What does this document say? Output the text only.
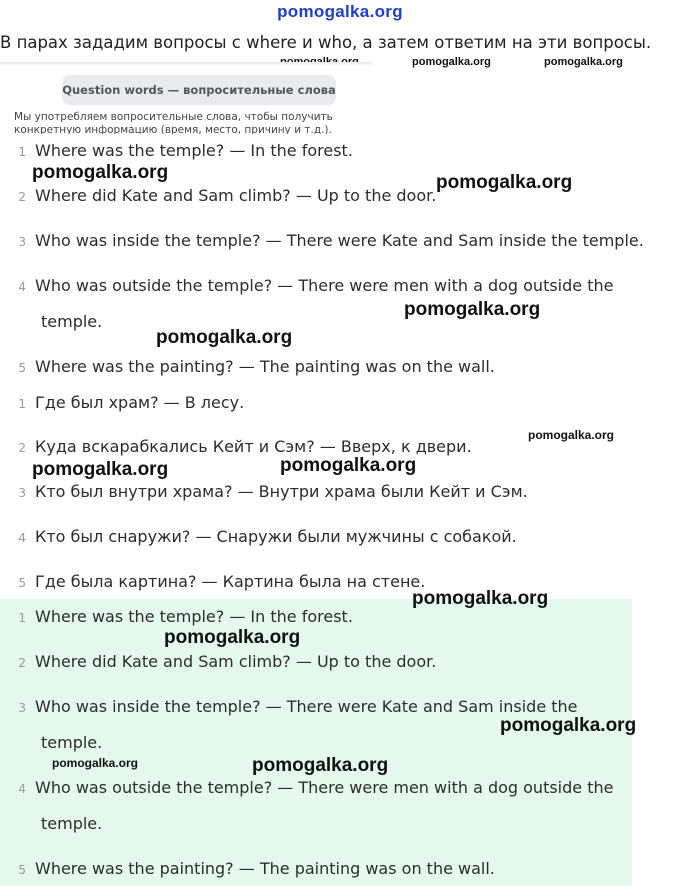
pomogalka.org
В парах зададим вопросы с where и who, а затем ответим на эти вопросы.
pomogalka.org	pomogalka.org
Question words — вопросительные слова
Мы употребляем вопросительные слова, чтобы получить конкретную информацию (время, место, причину и т.д.).
1 Where was the temple? — In the forest.
2 Where did Kate and Sam climb? — Up to the door.
3 Who was inside the temple? — There were Kate and Sam inside the temple.
4 Who was outside the temple? — There were men with a dog outside the
temple.
5 Where was the painting? — The painting was on the wall.
1 Где был храм? — В лесу.
2 Куда вскарабкались Кейт и Сэм? — Вверх, к двери.
3 Кто был внутри храма? — Внутри храма были Кейт и Сэм.
4 Кто был снаружи? — Снаружи были мужчины с собакой.
5 Где была картина? — Картина была на стене.
1 Where was the temple? — In the forest.
2 Where did Kate and Sam climb? — Up to the door.
3 Who was inside the temple? — There were Kate and Sam inside the
temple.
4 Who was outside the temple? — There were men with a dog outside the
temple.
5 Where was the painting? — The painting was on the wall.
pomogalka.org	pomogalka.org
pomogalka.org
pomogalka.org
pomogalka.org
pomogalka.org	pomogalka.org
pomogalka.org
pomogalka.org
pomogalka.org
pomogalka.org	pomogalka.org
